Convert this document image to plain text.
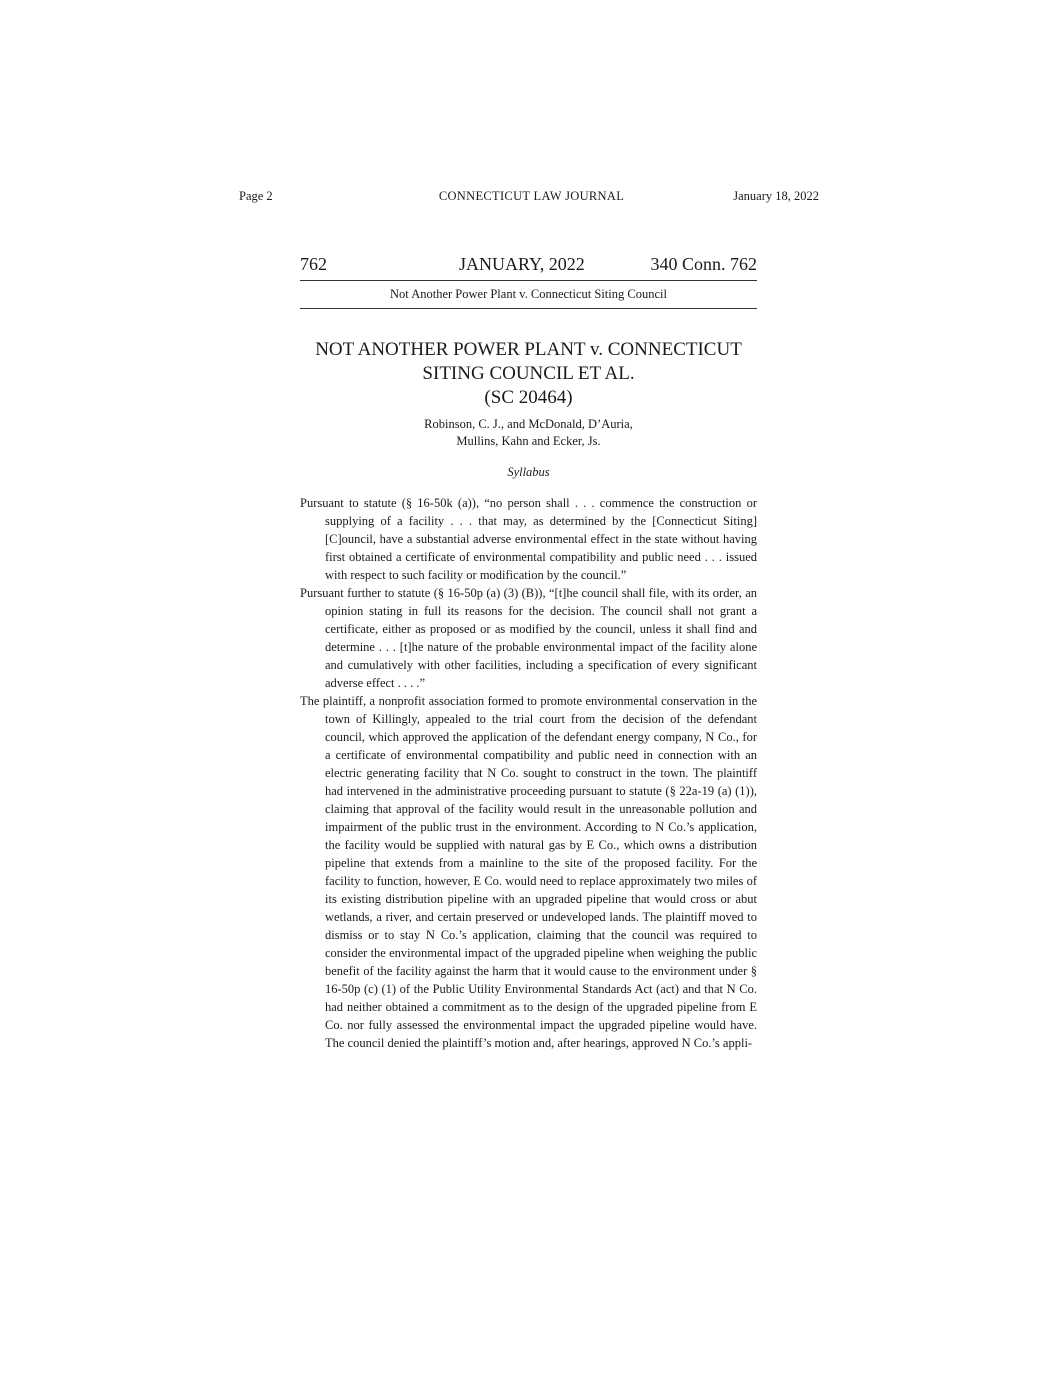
Page 2	CONNECTICUT LAW JOURNAL	January 18, 2022
762	JANUARY, 2022	340 Conn. 762
Not Another Power Plant v. Connecticut Siting Council
NOT ANOTHER POWER PLANT v. CONNECTICUT
SITING COUNCIL ET AL.
(SC 20464)
Robinson, C. J., and McDonald, D’Auria,
Mullins, Kahn and Ecker, Js.
Syllabus

Pursuant to statute (§ 16-50k (a)), “no person shall . . . commence the construction or supplying of a facility . . . that may, as determined by the [Connecticut Siting] [C]ouncil, have a substantial adverse environmental effect in the state without having first obtained a certificate of environmental compatibility and public need . . . issued with respect to such facility or modification by the council.”

Pursuant further to statute (§ 16-50p (a) (3) (B)), “[t]he council shall file, with its order, an opinion stating in full its reasons for the decision. The council shall not grant a certificate, either as proposed or as modified by the council, unless it shall find and determine . . . [t]he nature of the probable environmental impact of the facility alone and cumulatively with other facilities, including a specification of every significant adverse effect . . . .”

The plaintiff, a nonprofit association formed to promote environmental conservation in the town of Killingly, appealed to the trial court from the decision of the defendant council, which approved the application of the defendant energy company, N Co., for a certificate of environmental compatibility and public need in connection with an electric generating facility that N Co. sought to construct in the town. The plaintiff had intervened in the administrative proceeding pursuant to statute (§ 22a-19 (a) (1)), claiming that approval of the facility would result in the unreasonable pollution and impairment of the public trust in the environment. According to N Co.’s application, the facility would be supplied with natural gas by E Co., which owns a distribution pipeline that extends from a mainline to the site of the proposed facility. For the facility to function, however, E Co. would need to replace approximately two miles of its existing distribution pipeline with an upgraded pipeline that would cross or abut wetlands, a river, and certain preserved or undeveloped lands. The plaintiff moved to dismiss or to stay N Co.’s application, claiming that the council was required to consider the environmental impact of the upgraded pipeline when weighing the public benefit of the facility against the harm that it would cause to the environment under § 16-50p (c) (1) of the Public Utility Environmental Standards Act (act) and that N Co. had neither obtained a commitment as to the design of the upgraded pipeline from E Co. nor fully assessed the environmental impact the upgraded pipeline would have. The council denied the plaintiff’s motion and, after hearings, approved N Co.’s appli-
